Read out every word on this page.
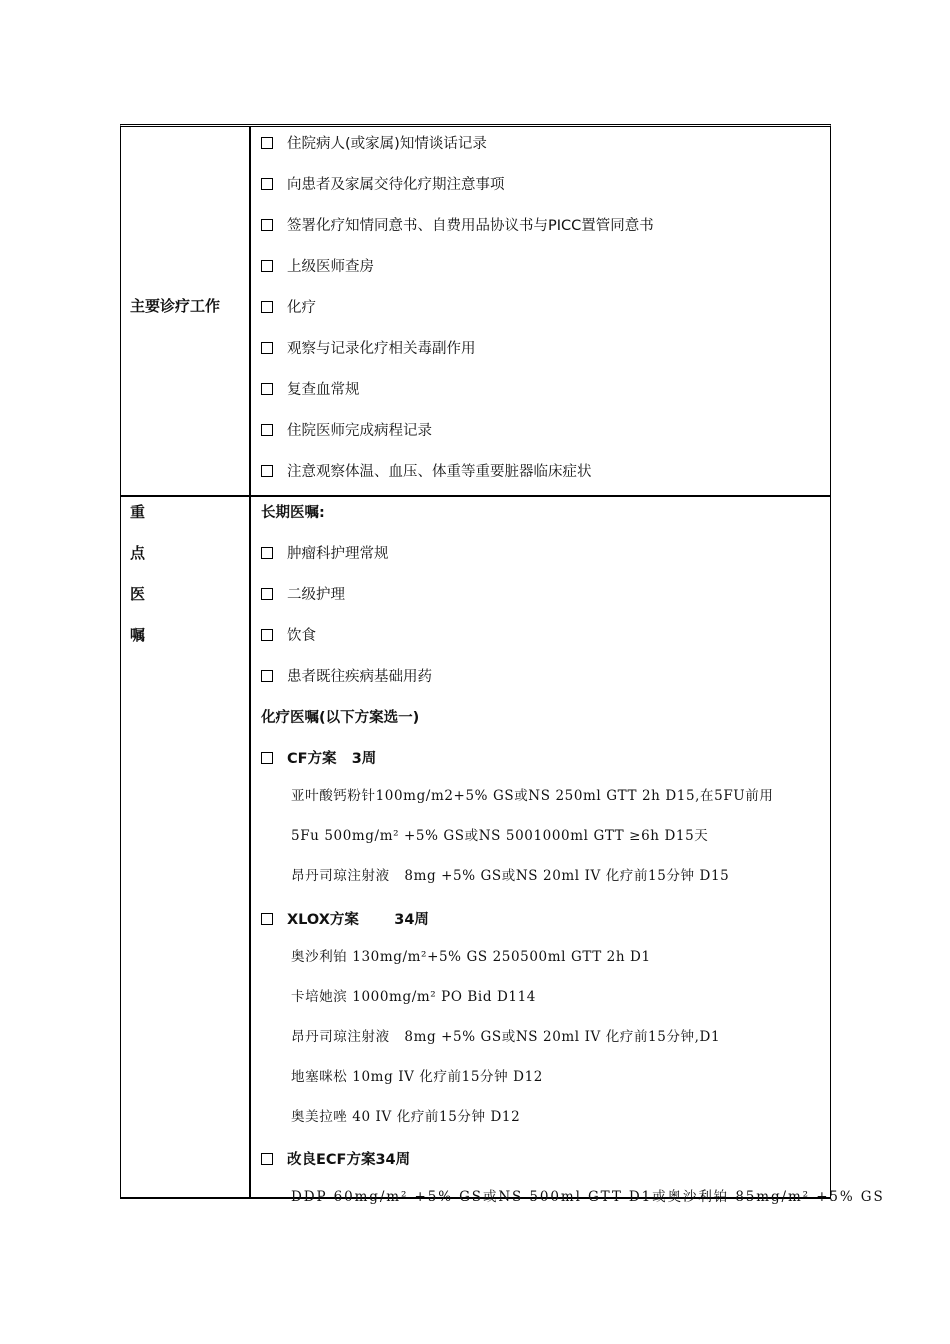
主要诊疗工作
住院病人(或家属)知情谈话记录
向患者及家属交待化疗期注意事项
签署化疗知情同意书、自费用品协议书与PICC置管同意书
上级医师查房
化疗
观察与记录化疗相关毒副作用
复查血常规
住院医师完成病程记录
注意观察体温、血压、体重等重要脏器临床症状
重
点
医
嘱
长期医嘱:
肿瘤科护理常规
二级护理
饮食
患者既往疾病基础用药
化疗医嘱(以下方案选一)
CF方案   3周
亚叶酸钙粉针100mg/m2+5% GS或NS 250ml GTT 2h D15,在5FU前用
5Fu 500mg/m² +5% GS或NS 5001000ml GTT ≥6h D15天
昂丹司琼注射液   8mg +5% GS或NS 20ml IV 化疗前15分钟 D15
XLOX方案       34周
奥沙利铂 130mg/m²+5% GS 250500ml GTT 2h D1
卡培她滨 1000mg/m² PO Bid D114
昂丹司琼注射液   8mg +5% GS或NS 20ml IV 化疗前15分钟,D1
地塞咪松 10mg IV 化疗前15分钟 D12
奥美拉唑 40 IV 化疗前15分钟 D12
改良ECF方案34周
DDP 60mg/m² +5% GS或NS 500ml GTT D1或奥沙利铂 85mg/m² +5% GS
